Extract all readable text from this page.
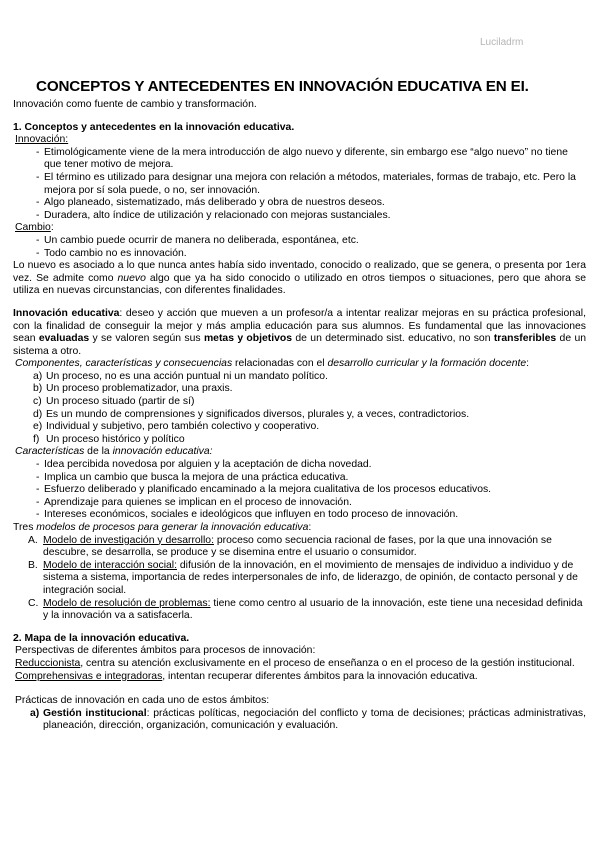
Luciladrm
CONCEPTOS Y ANTECEDENTES EN INNOVACIÓN EDUCATIVA EN EI.

Innovación como fuente de cambio y transformación.

1. Conceptos y antecedentes en la innovación educativa.
Innovación:
- Etimológicamente viene de la mera introducción de algo nuevo y diferente, sin embargo ese “algo nuevo” no tiene que tener motivo de mejora.
- El término es utilizado para designar una mejora con relación a métodos, materiales, formas de trabajo, etc. Pero la mejora por sí sola puede, o no, ser innovación.
- Algo planeado, sistematizado, más deliberado y obra de nuestros deseos.
- Duradera, alto índice de utilización y relacionado con mejoras sustanciales.
Cambio:
- Un cambio puede ocurrir de manera no deliberada, espontánea, etc.
- Todo cambio no es innovación.

Lo nuevo es asociado a lo que nunca antes había sido inventado, conocido o realizado, que se genera, o presenta por 1era vez. Se admite como nuevo algo que ya ha sido conocido o utilizado en otros tiempos o situaciones, pero que ahora se utiliza en nuevas circunstancias, con diferentes finalidades.

Innovación educativa: deseo y acción que mueven a un profesor/a a intentar realizar mejoras en su práctica profesional, con la finalidad de conseguir la mejor y más amplia educación para sus alumnos. Es fundamental que las innovaciones sean evaluadas y se valoren según sus metas y objetivos de un determinado sist. educativo, no son transferibles de un sistema a otro.

Componentes, características y consecuencias relacionadas con el desarrollo curricular y la formación docente:

a) Un proceso, no es una acción puntual ni un mandato político.
b) Un proceso problematizador, una praxis.
c) Un proceso situado (partir de sí)
d) Es un mundo de comprensiones y significados diversos, plurales y, a veces, contradictorios.
e) Individual y subjetivo, pero también colectivo y cooperativo.
f) Un proceso histórico y político

Características de la innovación educativa:

- Idea percibida novedosa por alguien y la aceptación de dicha novedad.
- Implica un cambio que busca la mejora de una práctica educativa.
- Esfuerzo deliberado y planificado encaminado a la mejora cualitativa de los procesos educativos.
- Aprendizaje para quienes se implican en el proceso de innovación.
- Intereses económicos, sociales e ideológicos que influyen en todo proceso de innovación.

Tres modelos de procesos para generar la innovación educativa:

A. Modelo de investigación y desarrollo: proceso como secuencia racional de fases, por la que una innovación se descubre, se desarrolla, se produce y se disemina entre el usuario o consumidor.
B. Modelo de interacción social: difusión de la innovación, en el movimiento de mensajes de individuo a individuo y de sistema a sistema, importancia de redes interpersonales de info, de liderazgo, de opinión, de contacto personal y de integración social.
C. Modelo de resolución de problemas: tiene como centro al usuario de la innovación, este tiene una necesidad definida y la innovación va a satisfacerla.
2. Mapa de la innovación educativa.

Perspectivas de diferentes ámbitos para procesos de innovación:

Reduccionista, centra su atención exclusivamente en el proceso de enseñanza o en el proceso de la gestión institucional.

Comprehensivas e integradoras, intentan recuperar diferentes ámbitos para la innovación educativa.

Prácticas de innovación en cada uno de estos ámbitos:

a) Gestión institucional: prácticas políticas, negociación del conflicto y toma de decisiones; prácticas administrativas, planeación, dirección, organización, comunicación y evaluación.
